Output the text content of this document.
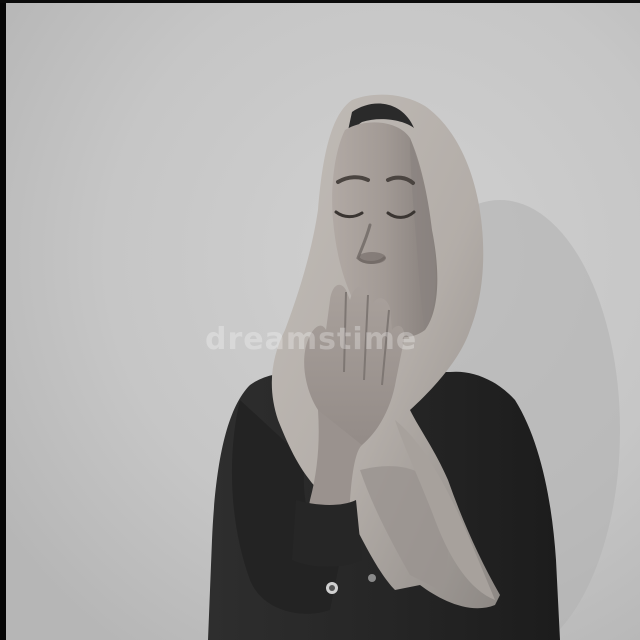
dreamstime
